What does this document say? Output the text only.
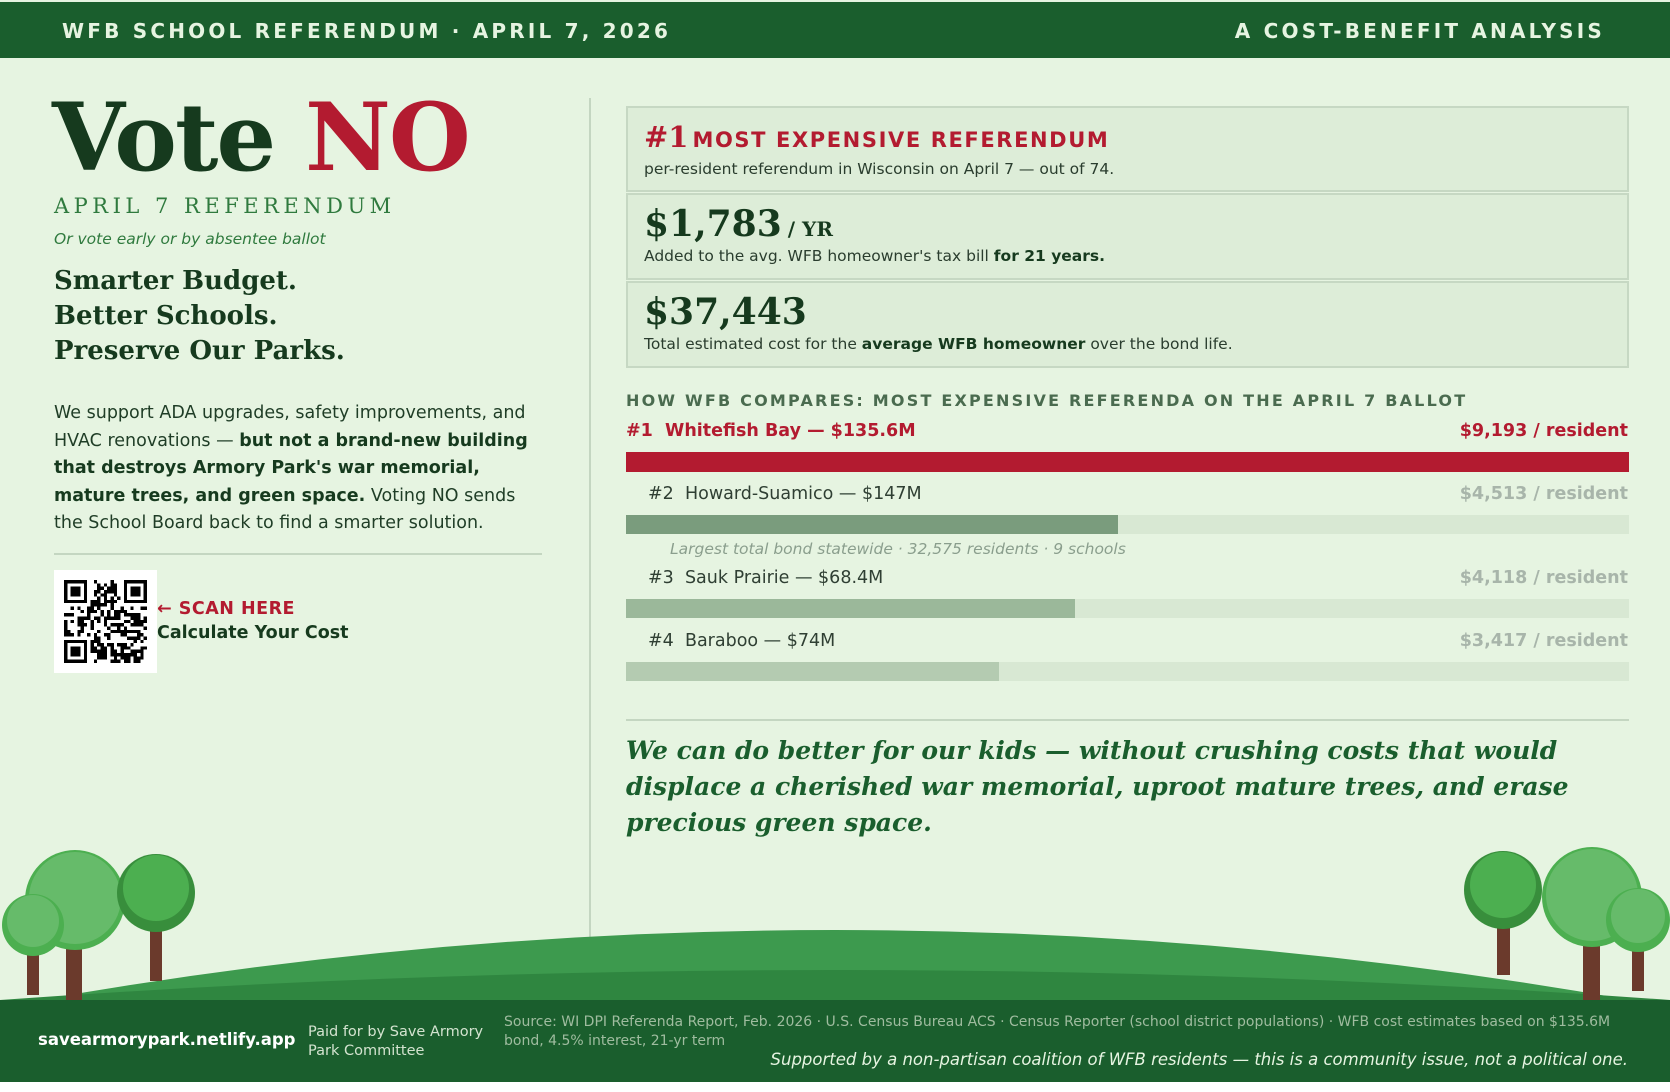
WFB SCHOOL REFERENDUM · APRIL 7, 2026	A COST-BENEFIT ANALYSIS
Vote NO
APRIL 7 REFERENDUM
Or vote early or by absentee ballot
Smarter Budget.
Better Schools.
Preserve Our Parks.

We support ADA upgrades, safety improvements, and HVAC renovations — but not a brand-new building that destroys Armory Park's war memorial, mature trees, and green space. Voting NO sends the School Board back to find a smarter solution.

← SCAN HERE
Calculate Your Cost
#1 MOST EXPENSIVE REFERENDUM
per-resident referendum in Wisconsin on April 7 — out of 74.
$1,783 / YR
Added to the avg. WFB homeowner's tax bill for 21 years.
$37,443
Total estimated cost for the average WFB homeowner over the bond life.
HOW WFB COMPARES: MOST EXPENSIVE REFERENDA ON THE APRIL 7 BALLOT
#1 Whitefish Bay — $135.6M	$9,193 / resident
#2 Howard-Suamico — $147M	$4,513 / resident
Largest total bond statewide · 32,575 residents · 9 schools
#3 Sauk Prairie — $68.4M	$4,118 / resident
#4 Baraboo — $74M	$3,417 / resident
We can do better for our kids — without crushing costs that would displace a cherished war memorial, uproot mature trees, and erase precious green space.
savearmorypark.netlify.app Paid for by Save Armory Park Committee
Source: WI DPI Referenda Report, Feb. 2026 · U.S. Census Bureau ACS · Census Reporter (school district populations) · WFB cost estimates based on $135.6M bond, 4.5% interest, 21-yr term
Supported by a non-partisan coalition of WFB residents — this is a community issue, not a political one.
